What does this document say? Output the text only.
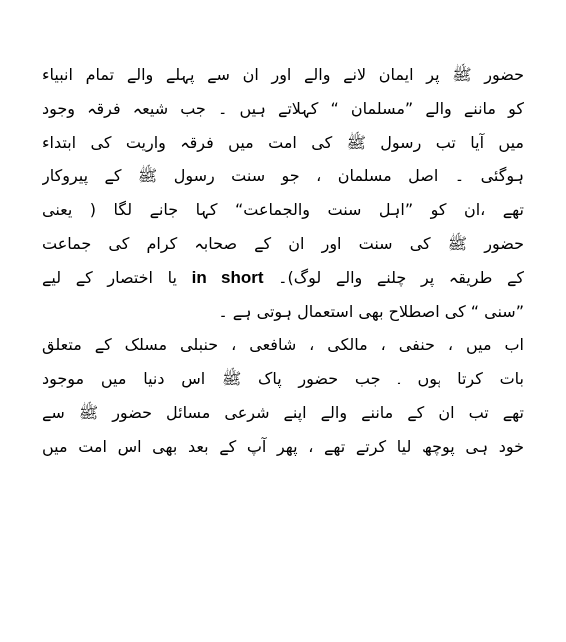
حضور ﷺ پر ایمان لانے والے اور ان سے پہلے والے تمام انبیاء
کو ماننے والے ”مسلمان “ کہلاتے ہیں ۔ جب شیعہ فرقہ وجود
میں آیا تب رسول ﷺ کی امت میں فرقہ واریت کی ابتداء
ہوگئی ۔ اصل مسلمان ، جو سنت رسول ﷺ کے پیروکار
تھے ،ان کو ”اہل سنت والجماعت“ کہا جانے لگا ( یعنی
حضور ﷺ کی سنت اور ان کے صحابہ کرام کی جماعت
کے طریقہ پر چلنے والے لوگ)۔ in short یا اختصار کے لیے
”سنی “ کی اصطلاح بھی استعمال ہوتی ہے ۔
اب میں ، حنفی ، مالکی ، شافعی ، حنبلی مسلک کے متعلق
بات کرتا ہوں ۔ جب حضور پاک ﷺ اس دنیا میں موجود
تھے تب ان کے ماننے والے اپنے شرعی مسائل حضور ﷺ سے
خود ہی پوچھ لیا کرتے تھے ، پھر آپ کے بعد بھی اس امت میں
